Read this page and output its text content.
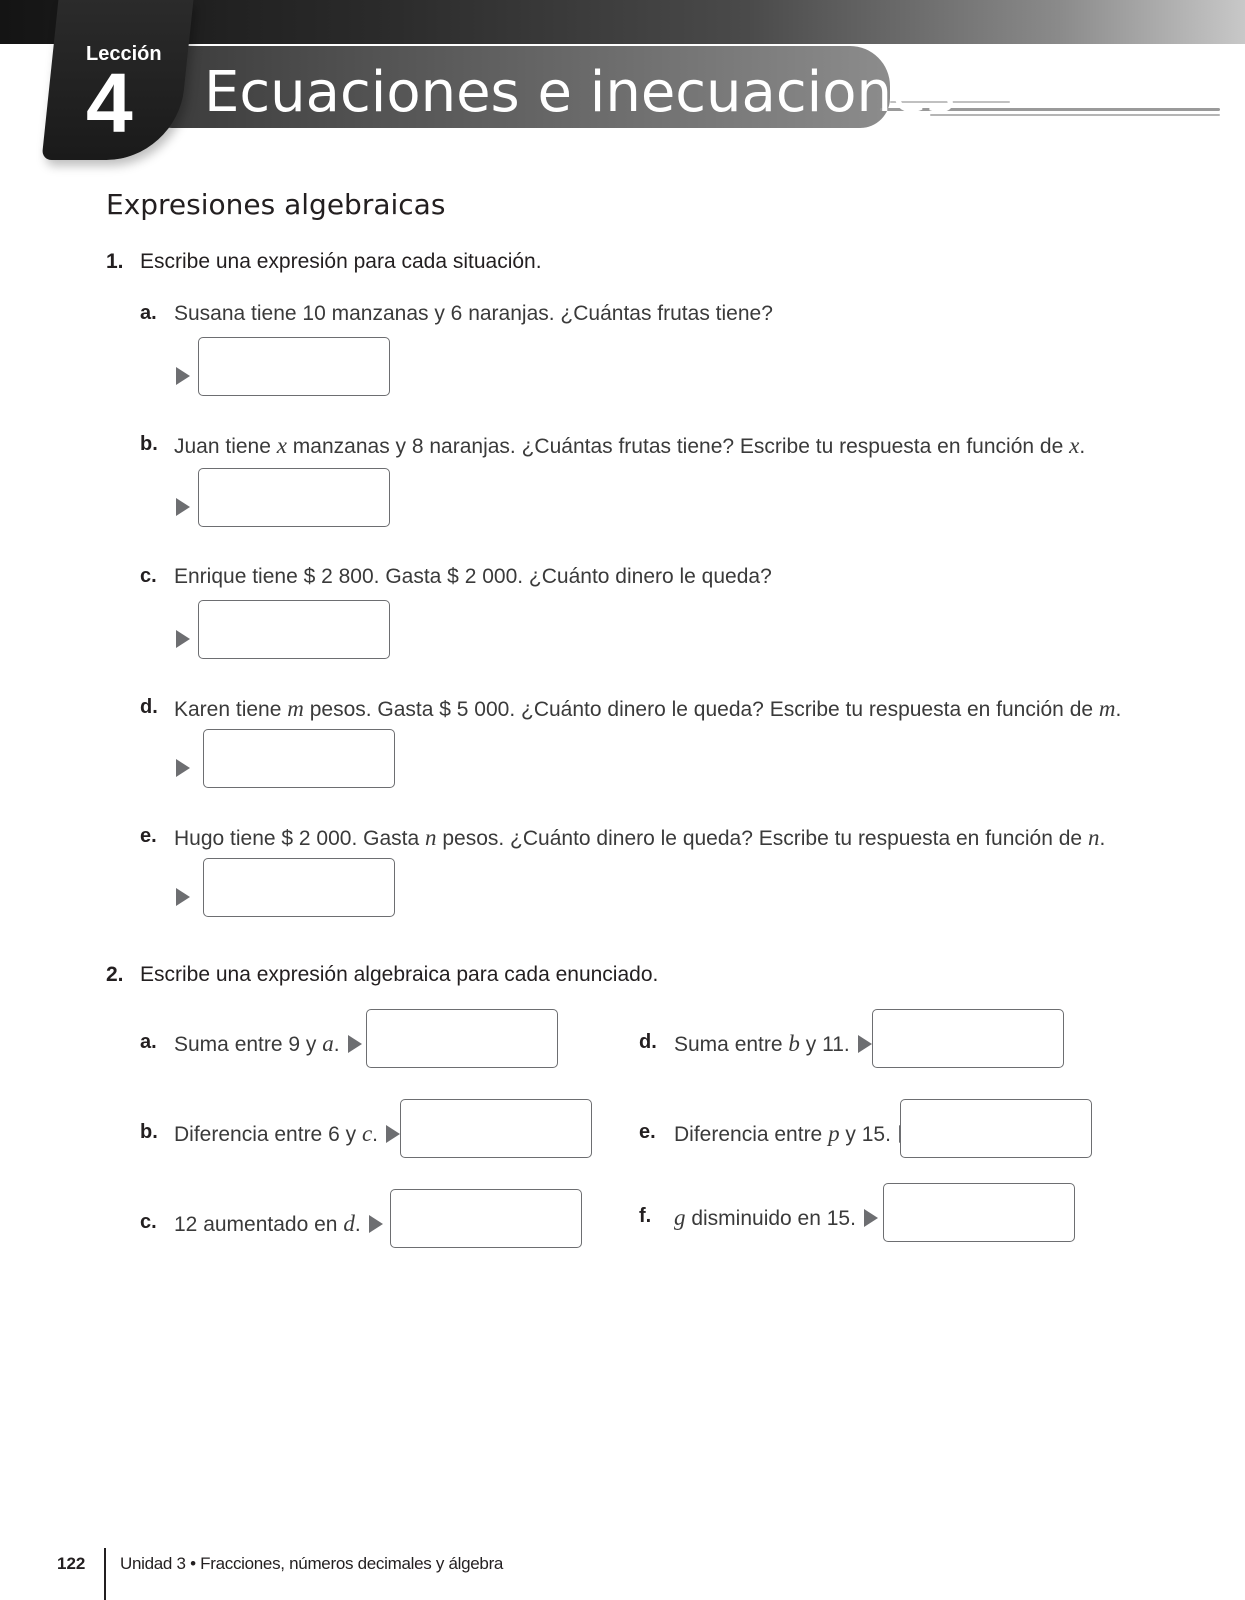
Lección
4 Ecuaciones e inecuaciones
Expresiones algebraicas
1. Escribe una expresión para cada situación.
a. Susana tiene 10 manzanas y 6 naranjas. ¿Cuántas frutas tiene?
b. Juan tiene x manzanas y 8 naranjas. ¿Cuántas frutas tiene? Escribe tu respuesta en función de x.
c. Enrique tiene $ 2 800. Gasta $ 2 000. ¿Cuánto dinero le queda?
d. Karen tiene m pesos. Gasta $ 5 000. ¿Cuánto dinero le queda? Escribe tu respuesta en función de m.
e. Hugo tiene $ 2 000. Gasta n pesos. ¿Cuánto dinero le queda? Escribe tu respuesta en función de n.
2. Escribe una expresión algebraica para cada enunciado.
a. Suma entre 9 y a.
b. Diferencia entre 6 y c.
c. 12 aumentado en d.
d. Suma entre b y 11.
e. Diferencia entre p y 15.
f. g disminuido en 15.
122 Unidad 3 • Fracciones, números decimales y álgebra
